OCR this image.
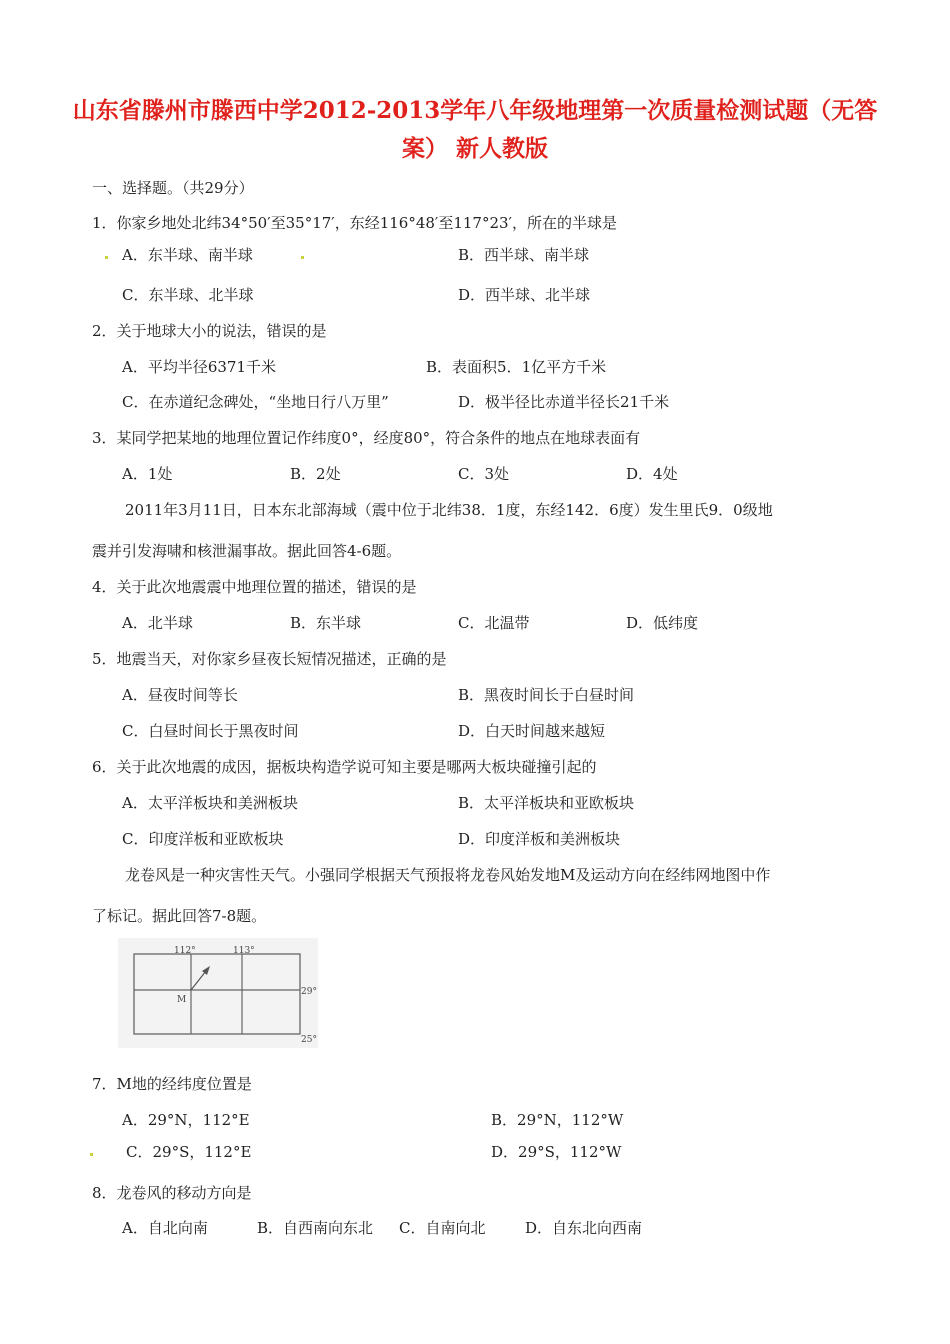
山东省滕州市滕西中学2012-2013学年八年级地理第一次质量检测试题（无答
案） 新人教版
一、选择题。（共29分）
1．你家乡地处北纬34°50′至35°17′，东经116°48′至117°23′，所在的半球是
A．东半球、南半球	B．西半球、南半球
C．东半球、北半球	D．西半球、北半球
2．关于地球大小的说法，错误的是
A．平均半径6371千米	B．表面积5．1亿平方千米
C．在赤道纪念碑处，“坐地日行八万里”	D．极半径比赤道半径长21千米
3．某同学把某地的地理位置记作纬度0°，经度80°，符合条件的地点在地球表面有
A．1处	B．2处	C．3处	D．4处
2011年3月11日，日本东北部海域（震中位于北纬38．1度，东经142．6度）发生里氏9．0级地
震并引发海啸和核泄漏事故。据此回答4-6题。
4．关于此次地震震中地理位置的描述，错误的是
A．北半球	B．东半球	C．北温带	D．低纬度
5．地震当天，对你家乡昼夜长短情况描述，正确的是
A．昼夜时间等长	B．黑夜时间长于白昼时间
C．白昼时间长于黑夜时间	D．白天时间越来越短
6．关于此次地震的成因，据板块构造学说可知主要是哪两大板块碰撞引起的
A．太平洋板块和美洲板块	B．太平洋板块和亚欧板块
C．印度洋板和亚欧板块	D．印度洋板和美洲板块
龙卷风是一种灾害性天气。小强同学根据天气预报将龙卷风始发地M及运动方向在经纬网地图中作
了标记。据此回答7-8题。
112°	113°
29°
25°
M
7．M地的经纬度位置是
A．29°N，112°E	B．29°N，112°W
C．29°S，112°E	D．29°S，112°W
8．龙卷风的移动方向是
A．自北向南	B．自西南向东北 C．自南向北	D．自东北向西南
